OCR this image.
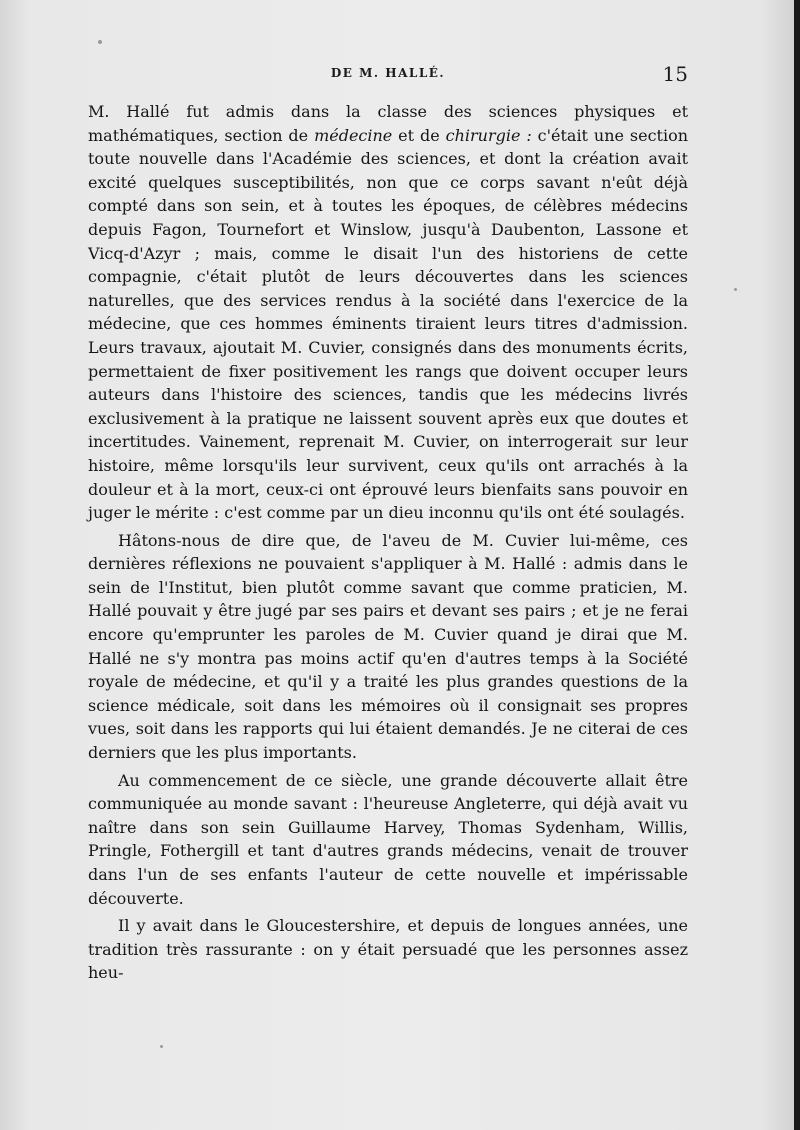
DE M. HALLÉ.	15

M. Hallé fut admis dans la classe des sciences physiques et mathématiques, section de médecine et de chirurgie : c'était une section toute nouvelle dans l'Académie des sciences, et dont la création avait excité quelques susceptibilités, non que ce corps savant n'eût déjà compté dans son sein, et à toutes les époques, de célèbres médecins depuis Fagon, Tournefort et Winslow, jusqu'à Daubenton, Lassone et Vicq-d'Azyr ; mais, comme le disait l'un des historiens de cette compagnie, c'était plutôt de leurs découvertes dans les sciences naturelles, que des services rendus à la société dans l'exercice de la médecine, que ces hommes éminents tiraient leurs titres d'admission. Leurs travaux, ajoutait M. Cuvier, consignés dans des monuments écrits, permettaient de fixer positivement les rangs que doivent occuper leurs auteurs dans l'histoire des sciences, tandis que les médecins livrés exclusivement à la pratique ne laissent souvent après eux que doutes et incertitudes. Vainement, reprenait M. Cuvier, on interrogerait sur leur histoire, même lorsqu'ils leur survivent, ceux qu'ils ont arrachés à la douleur et à la mort, ceux-ci ont éprouvé leurs bienfaits sans pouvoir en juger le mérite : c'est comme par un dieu inconnu qu'ils ont été soulagés.

Hâtons-nous de dire que, de l'aveu de M. Cuvier lui-même, ces dernières réflexions ne pouvaient s'appliquer à M. Hallé : admis dans le sein de l'Institut, bien plutôt comme savant que comme praticien, M. Hallé pouvait y être jugé par ses pairs et devant ses pairs ; et je ne ferai encore qu'emprunter les paroles de M. Cuvier quand je dirai que M. Hallé ne s'y montra pas moins actif qu'en d'autres temps à la Société royale de médecine, et qu'il y a traité les plus grandes questions de la science médicale, soit dans les mémoires où il consignait ses propres vues, soit dans les rapports qui lui étaient demandés. Je ne citerai de ces derniers que les plus importants.

Au commencement de ce siècle, une grande découverte allait être communiquée au monde savant : l'heureuse Angleterre, qui déjà avait vu naître dans son sein Guillaume Harvey, Thomas Sydenham, Willis, Pringle, Fothergill et tant d'autres grands médecins, venait de trouver dans l'un de ses enfants l'auteur de cette nouvelle et impérissable découverte.

Il y avait dans le Gloucestershire, et depuis de longues années, une tradition très rassurante : on y était persuadé que les personnes assez heu-
